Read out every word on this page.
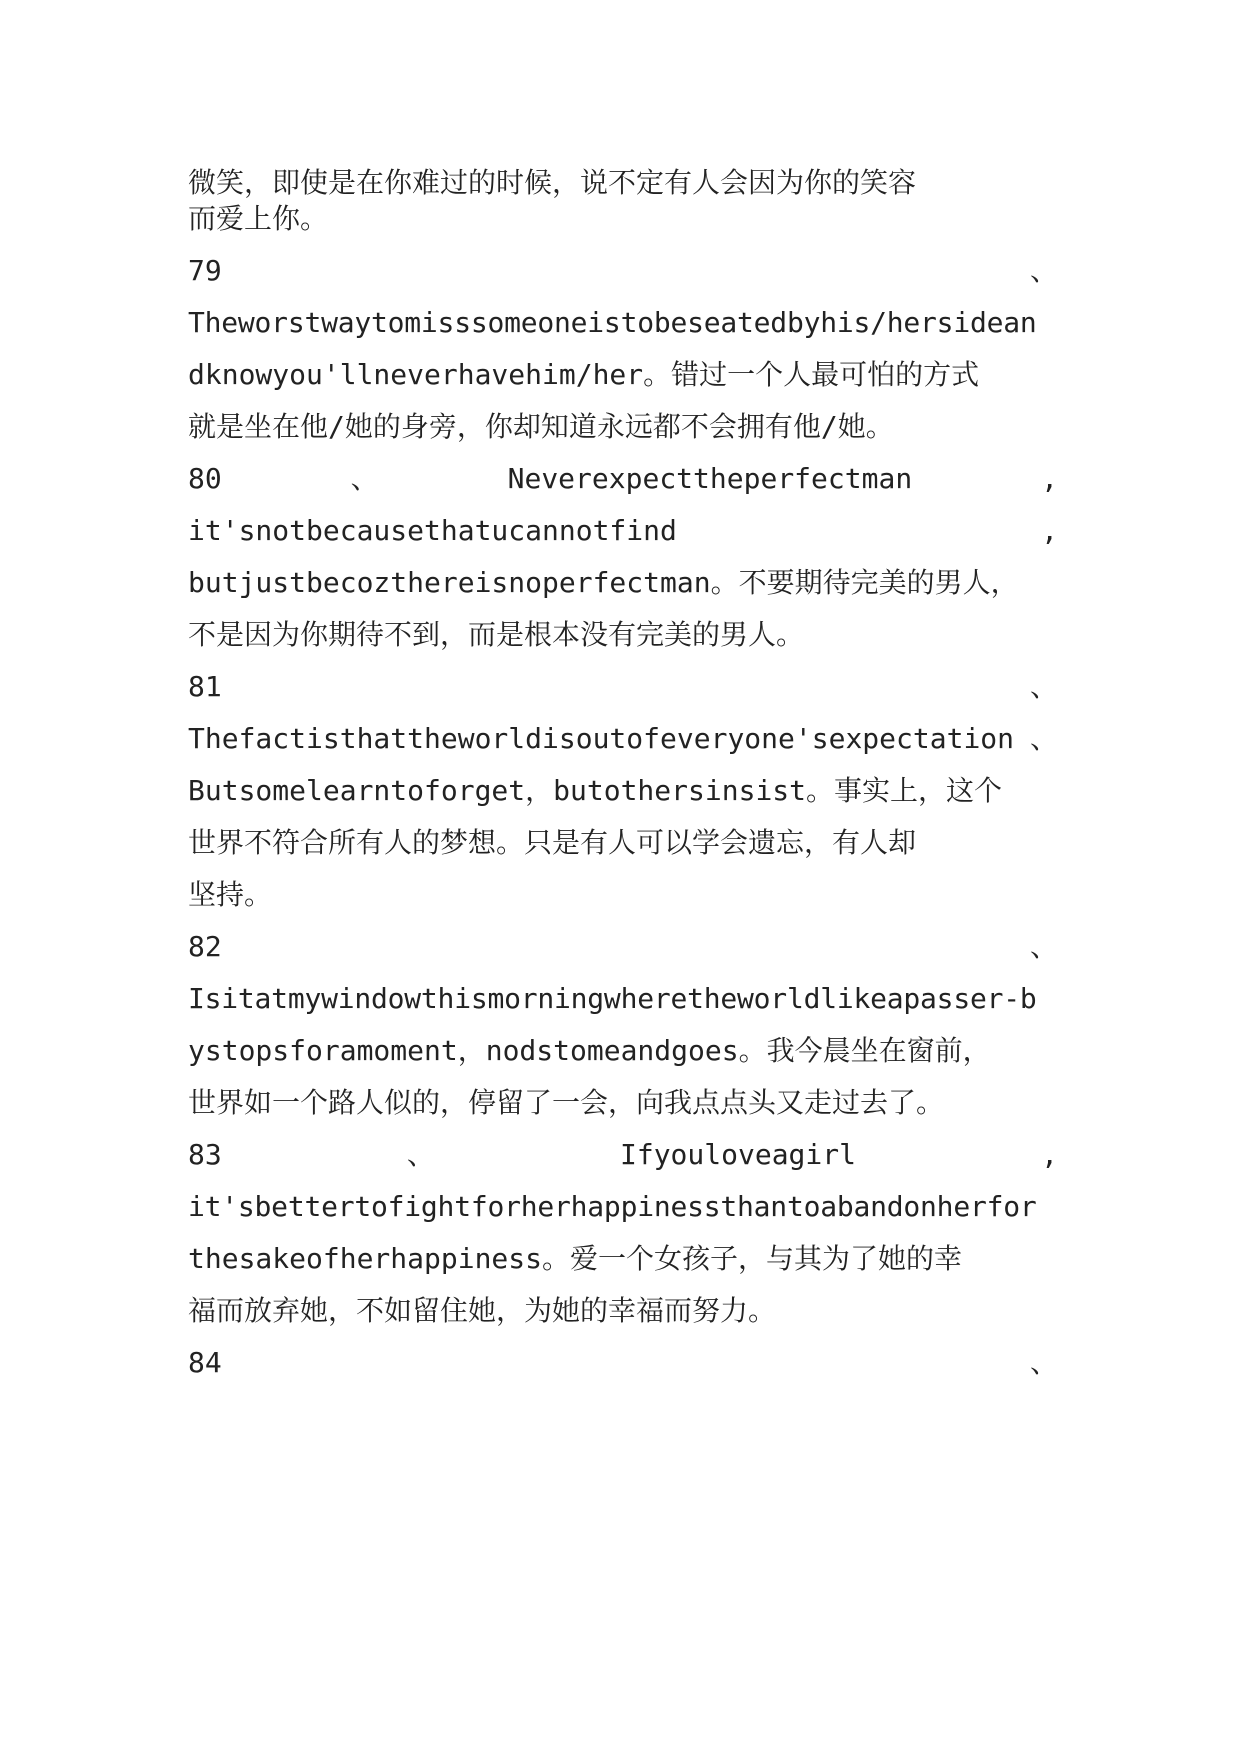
微笑，即使是在你难过的时候，说不定有人会因为你的笑容
而爱上你。
79	、
Theworstwaytomisssomeoneistobeseatedbyhis/hersidean
dknowyou'llneverhavehim/her。错过一个人最可怕的方式
就是坐在他/她的身旁，你却知道永远都不会拥有他/她。
80	、	Neverexpecttheperfectman	,
it'snotbecausethatucannotfind	,
butjustbecozthereisnoperfectman。不要期待完美的男人，
不是因为你期待不到，而是根本没有完美的男人。
81	、
Thefactisthattheworldisoutofeveryone'sexpectation 、
Butsomelearntoforget，butothersinsist。事实上，这个
世界不符合所有人的梦想。只是有人可以学会遗忘，有人却
坚持。
82	、
Isitatmywindowthismorningwheretheworldlikeapasser-b
ystopsforamoment，nodstomeandgoes。我今晨坐在窗前，
世界如一个路人似的，停留了一会，向我点点头又走过去了。
83	、	Ifyouloveagirl	,
it'sbettertofightforherhappinessthantoabandonherfor
thesakeofherhappiness。爱一个女孩子，与其为了她的幸
福而放弃她，不如留住她，为她的幸福而努力。
84	、
